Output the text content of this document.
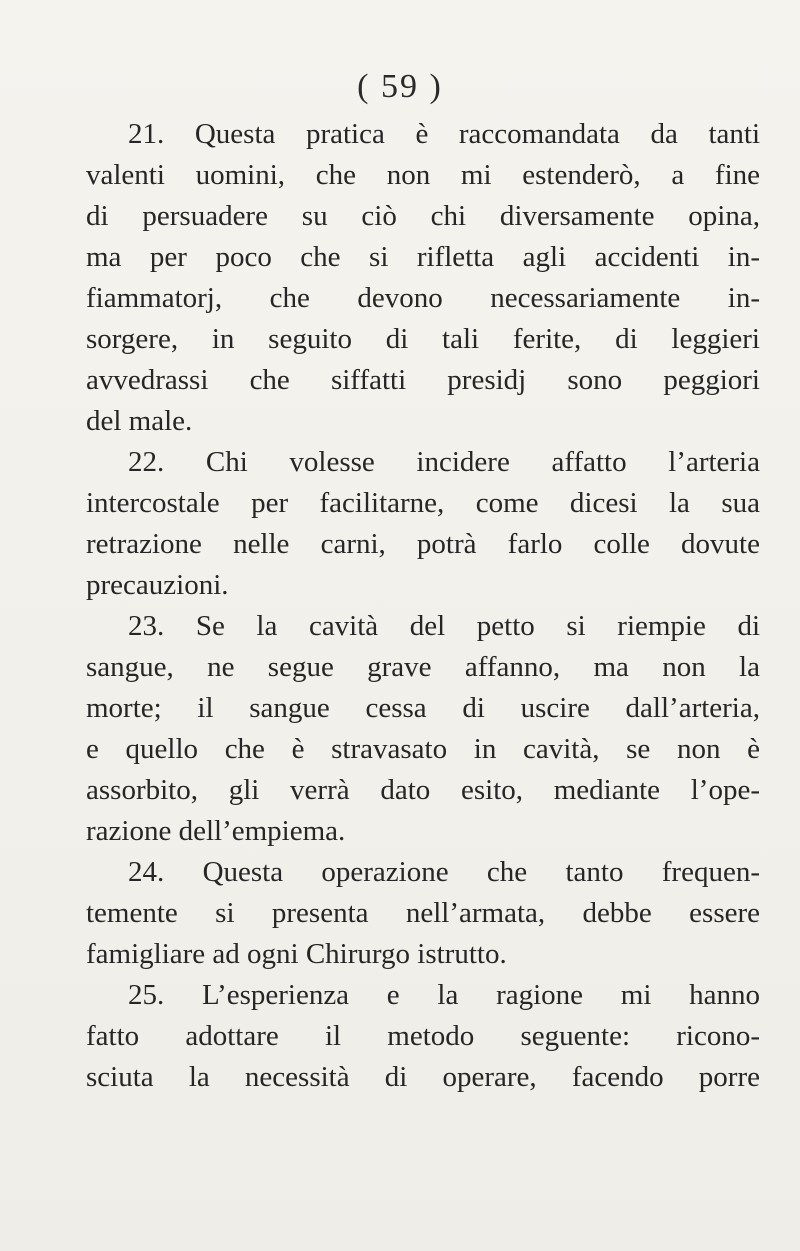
( 59 )
21. Questa pratica è raccomandata da tanti
valenti uomini, che non mi estenderò, a fine
di persuadere su ciò chi diversamente opina,
ma per poco che si rifletta agli accidenti in-
fiammatorj, che devono necessariamente in-
sorgere, in seguito di tali ferite, di leggieri
avvedrassi che siffatti presidj sono peggiori
del male.
22. Chi volesse incidere affatto l’arteria
intercostale per facilitarne, come dicesi la sua
retrazione nelle carni, potrà farlo colle dovute
precauzioni.
23. Se la cavità del petto si riempie di
sangue, ne segue grave affanno, ma non la
morte; il sangue cessa di uscire dall’arteria,
e quello che è stravasato in cavità, se non è
assorbito, gli verrà dato esito, mediante l’ope-
razione dell’empiema.
24. Questa operazione che tanto frequen-
temente si presenta nell’armata, debbe essere
famigliare ad ogni Chirurgo istrutto.
25. L’esperienza e la ragione mi hanno
fatto adottare il metodo seguente: ricono-
sciuta la necessità di operare, facendo porre
